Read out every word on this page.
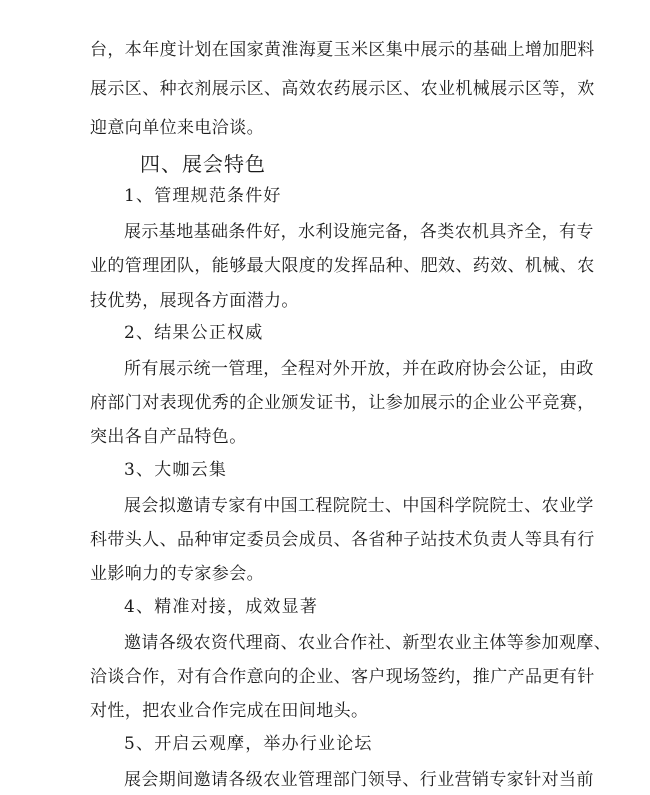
台，本年度计划在国家黄淮海夏玉米区集中展示的基础上增加肥料
展示区、种衣剂展示区、高效农药展示区、农业机械展示区等，欢
迎意向单位来电洽谈。
四、展会特色
1、管理规范条件好
展示基地基础条件好，水利设施完备，各类农机具齐全，有专
业的管理团队，能够最大限度的发挥品种、肥效、药效、机械、农
技优势，展现各方面潜力。
2、结果公正权威
所有展示统一管理，全程对外开放，并在政府协会公证，由政
府部门对表现优秀的企业颁发证书，让参加展示的企业公平竞赛，
突出各自产品特色。
3、大咖云集
展会拟邀请专家有中国工程院院士、中国科学院院士、农业学
科带头人、品种审定委员会成员、各省种子站技术负责人等具有行
业影响力的专家参会。
4、精准对接，成效显著
邀请各级农资代理商、农业合作社、新型农业主体等参加观摩、
洽谈合作，对有合作意向的企业、客户现场签约，推广产品更有针
对性，把农业合作完成在田间地头。
5、开启云观摩，举办行业论坛
展会期间邀请各级农业管理部门领导、行业营销专家针对当前
